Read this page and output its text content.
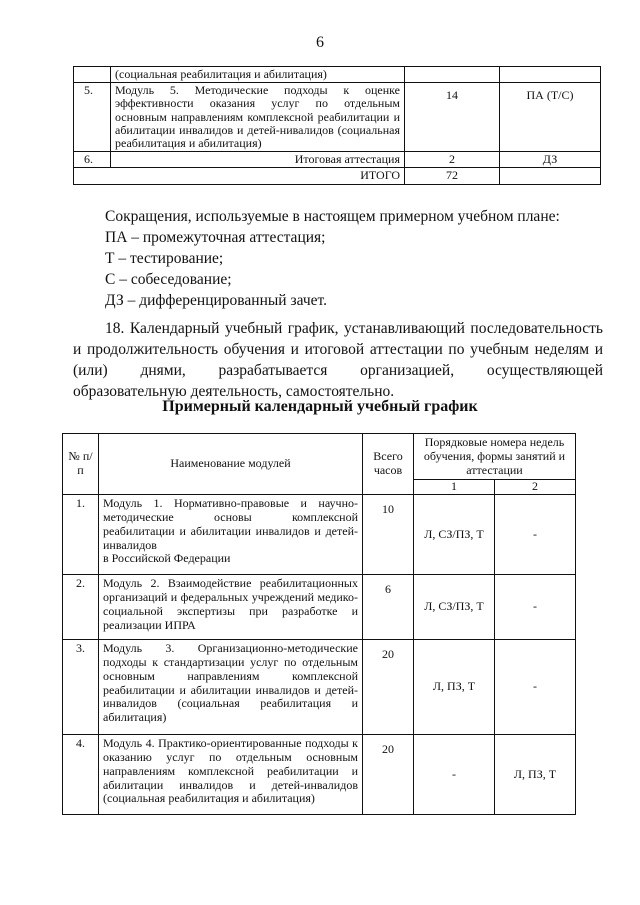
6
	(социальная реабилитация и абилитация)		
5.	Модуль 5. Методические подходы к оценке эффективности оказания услуг по отдельным основным направлениям комплексной реабилитации и абилитации инвалидов и детей-нивалидов (социальная реабилитация и абилитация)	14	ПА (Т/С)
6.	Итоговая аттестация	2	ДЗ
ИТОГО		72	
Сокращения, используемые в настоящем примерном учебном плане:
ПА – промежуточная аттестация;
Т – тестирование;
С – собеседование;
ДЗ – дифференцированный зачет.
18. Календарный учебный график, устанавливающий последовательность и продолжительность обучения и итоговой аттестации по учебным неделям и (или) днями, разрабатывается организацией, осуществляющей образовательную деятельность, самостоятельно.
Примерный календарный учебный график
№ п/п	Наименование модулей	Всего часов	Порядковые номера недель обучения, формы занятий и аттестации	
			1	2
1.	Модуль 1. Нормативно-правовые и научно-методические основы комплексной реабилитации и абилитации инвалидов и детей-инвалидов
в Российской Федерации	10	Л, СЗ/ПЗ, Т	-
2.	Модуль 2. Взаимодействие реабилитационных организаций и федеральных учреждений медико-социальной экспертизы при разработке и реализации ИПРА	6	Л, СЗ/ПЗ, Т	-
3.	Модуль 3. Организационно-методические подходы к стандартизации услуг по отдельным основным направлениям комплексной реабилитации и абилитации инвалидов и детей-инвалидов (социальная реабилитация и абилитация)	20	Л, ПЗ, Т	-
4.	Модуль 4. Практико-ориентированные подходы к оказанию услуг по отдельным основным направлениям комплексной реабилитации и абилитации инвалидов и детей-инвалидов (социальная реабилитация и абилитация)	20	-	Л, ПЗ, Т
